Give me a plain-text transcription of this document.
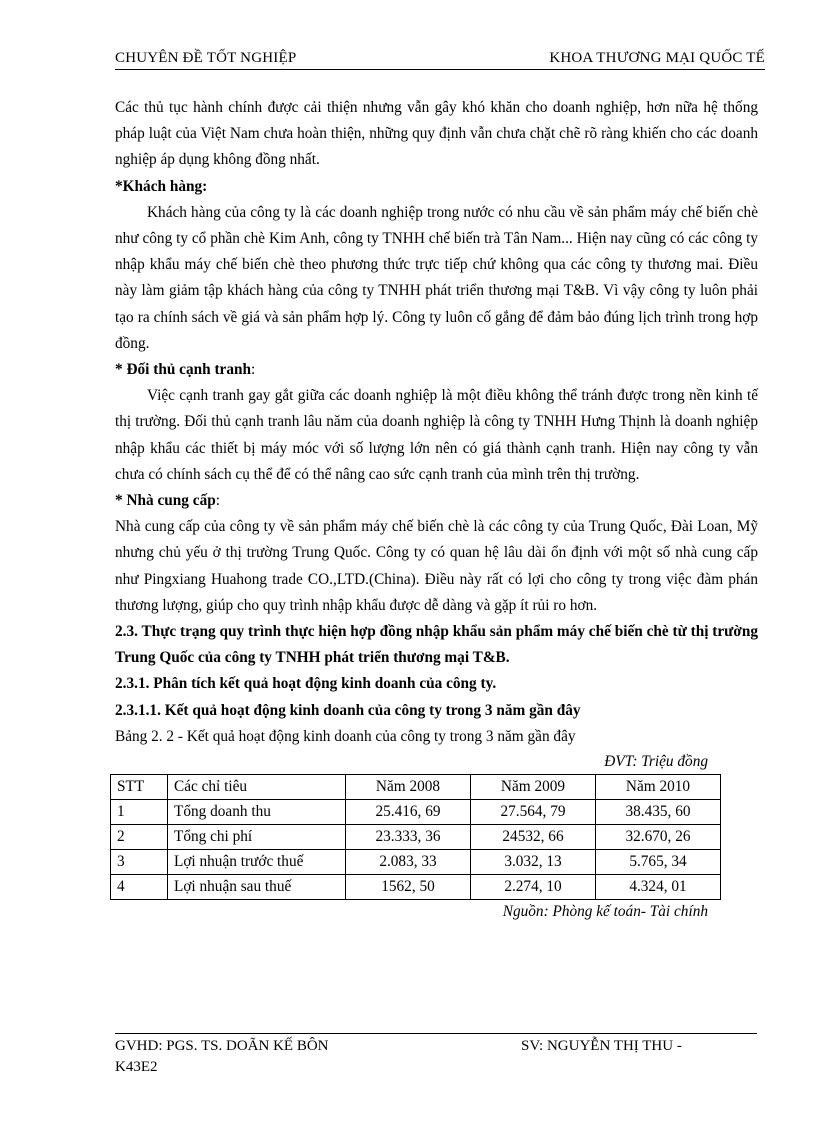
CHUYÊN ĐỀ TỐT NGHIỆP	KHOA THƯƠNG MẠI QUỐC TẾ

Các thủ tục hành chính được cải thiện nhưng vẫn gây khó khăn cho doanh nghiệp, hơn nữa hệ thống pháp luật của Việt Nam chưa hoàn thiện, những quy định vẫn chưa chặt chẽ rõ ràng khiến cho các doanh nghiệp áp dụng không đồng nhất.

*Khách hàng:

Khách hàng của công ty là các doanh nghiệp trong nước có nhu cầu về sản phẩm máy chế biến chè như công ty cổ phần chè Kim Anh, công ty TNHH chế biến trà Tân Nam... Hiện nay cũng có các công ty nhập khẩu máy chế biến chè theo phương thức trực tiếp chứ không qua các công ty thương mai. Điều này làm giảm tập khách hàng của công ty TNHH phát triển thương mại T&B. Vì vậy công ty luôn phải tạo ra chính sách về giá và sản phẩm hợp lý. Công ty luôn cố gắng để đảm bảo đúng lịch trình trong hợp đồng.

* Đối thủ cạnh tranh:

Việc cạnh tranh gay gắt giữa các doanh nghiệp là một điều không thể tránh được trong nền kinh tế thị trường. Đối thủ cạnh tranh lâu năm của doanh nghiệp là công ty TNHH Hưng Thịnh là doanh nghiệp nhập khẩu các thiết bị máy móc với số lượng lớn nên có giá thành cạnh tranh. Hiện nay công ty vẫn chưa có chính sách cụ thể để có thể nâng cao sức cạnh tranh của mình trên thị trường.

* Nhà cung cấp:

Nhà cung cấp của công ty về sản phẩm máy chế biến chè là các công ty của Trung Quốc, Đài Loan, Mỹ nhưng chủ yếu ở thị trường Trung Quốc. Công ty có quan hệ lâu dài ổn định với một số nhà cung cấp như Pingxiang Huahong trade CO.,LTD.(China). Điều này rất có lợi cho công ty trong việc đàm phán thương lượng, giúp cho quy trình nhập khẩu được dễ dàng và gặp ít rủi ro hơn.

2.3. Thực trạng quy trình thực hiện hợp đồng nhập khẩu sản phẩm máy chế biến chè từ thị trường Trung Quốc của công ty TNHH phát triển thương mại T&B.

2.3.1. Phân tích kết quả hoạt động kinh doanh của công ty.

2.3.1.1. Kết quả hoạt động kinh doanh của công ty trong 3 năm gần đây

Bảng 2. 2 - Kết quả hoạt động kinh doanh của công ty trong 3 năm gần đây

ĐVT: Triệu đồng

STT	Các chỉ tiêu	Năm 2008	Năm 2009	Năm 2010
1	Tổng doanh thu	25.416, 69	27.564, 79	38.435, 60
2	Tổng chi phí	23.333, 36	24532, 66	32.670, 26
3	Lợi nhuận trước thuế	2.083, 33	3.032, 13	5.765, 34
4	Lợi nhuận sau thuế	1562, 50	2.274, 10	4.324, 01

Nguồn: Phòng kế toán- Tài chính

GVHD: PGS. TS. DOÃN KẾ BÔN	SV: NGUYỄN THỊ THU -
K43E2
